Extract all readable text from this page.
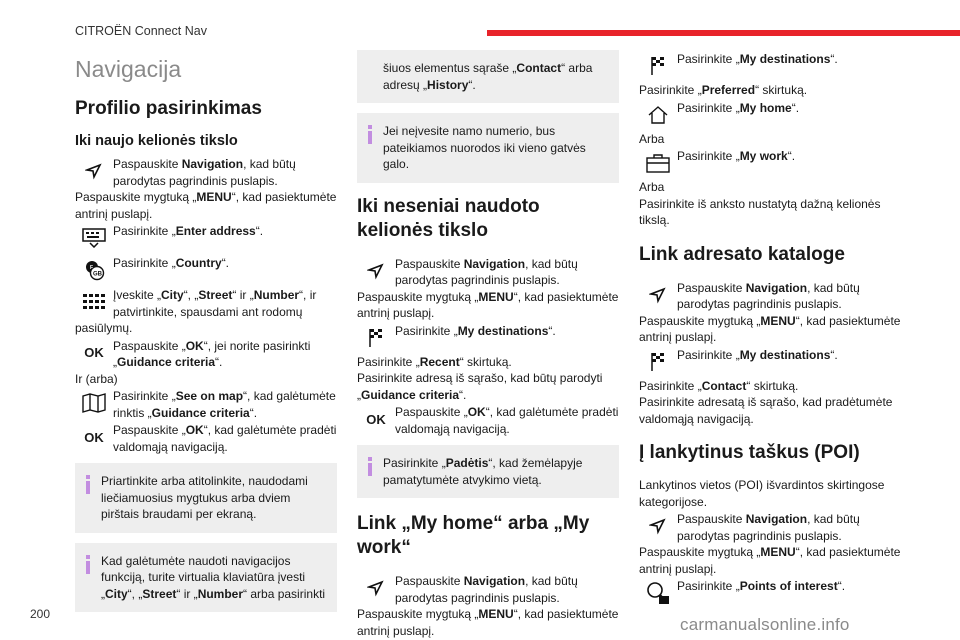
CITROËN Connect Nav
200
carmanualsonline.info
Navigacija
Profilio pasirinkimas
Iki naujo kelionės tikslo
Paspauskite Navigation, kad būtų parodytas pagrindinis puslapis.
Paspauskite mygtuką „MENU“, kad pasiektumėte antrinį puslapį.
Pasirinkite „Enter address“.
GB
F Pasirinkite „Country“.
Įveskite „City“, „Street“ ir „Number“, ir patvirtinkite, spausdami ant rodomų
pasiūlymų.
OK Paspauskite „OK“, jei norite pasirinkti „Guidance criteria“.
Ir (arba)
Pasirinkite „See on map“, kad galėtumėte rinktis „Guidance criteria“.
OK Paspauskite „OK“, kad galėtumėte pradėti valdomąją navigaciją.
Priartinkite arba atitolinkite, naudodami liečiamuosius mygtukus arba dviem pirštais braudami per ekraną.
Kad galėtumėte naudoti navigacijos funkciją, turite virtualia klaviatūra įvesti „City“, „Street“ ir „Number“ arba pasirinkti
šiuos elementus sąraše „Contact“ arba adresų „History“.
Jei neįvesite namo numerio, bus pateikiamos nuorodos iki vieno gatvės galo.
Iki neseniai naudoto kelionės tikslo
Paspauskite Navigation, kad būtų parodytas pagrindinis puslapis.
Paspauskite mygtuką „MENU“, kad pasiektumėte antrinį puslapį.
Pasirinkite „My destinations“.
Pasirinkite „Recent“ skirtuką.
Pasirinkite adresą iš sąrašo, kad būtų parodyti „Guidance criteria“.
OK Paspauskite „OK“, kad galėtumėte pradėti valdomąją navigaciją.
Pasirinkite „Padėtis“, kad žemėlapyje pamatytumėte atvykimo vietą.
Link „My home“ arba „My work“
Paspauskite Navigation, kad būtų parodytas pagrindinis puslapis.
Paspauskite mygtuką „MENU“, kad pasiektumėte antrinį puslapį.
Pasirinkite „My destinations“.
Pasirinkite „Preferred“ skirtuką.
Pasirinkite „My home“.
Arba
Pasirinkite „My work“.
Arba
Pasirinkite iš anksto nustatytą dažną kelionės tikslą.
Link adresato kataloge
Paspauskite Navigation, kad būtų parodytas pagrindinis puslapis.
Paspauskite mygtuką „MENU“, kad pasiektumėte antrinį puslapį.
Pasirinkite „My destinations“.
Pasirinkite „Contact“ skirtuką.
Pasirinkite adresatą iš sąrašo, kad pradėtumėte valdomąją navigaciją.
Į lankytinus taškus (POI)
Lankytinos vietos (POI) išvardintos skirtingose kategorijose.
Paspauskite Navigation, kad būtų parodytas pagrindinis puslapis.
Paspauskite mygtuką „MENU“, kad pasiektumėte antrinį puslapį.
Pasirinkite „Points of interest“.
